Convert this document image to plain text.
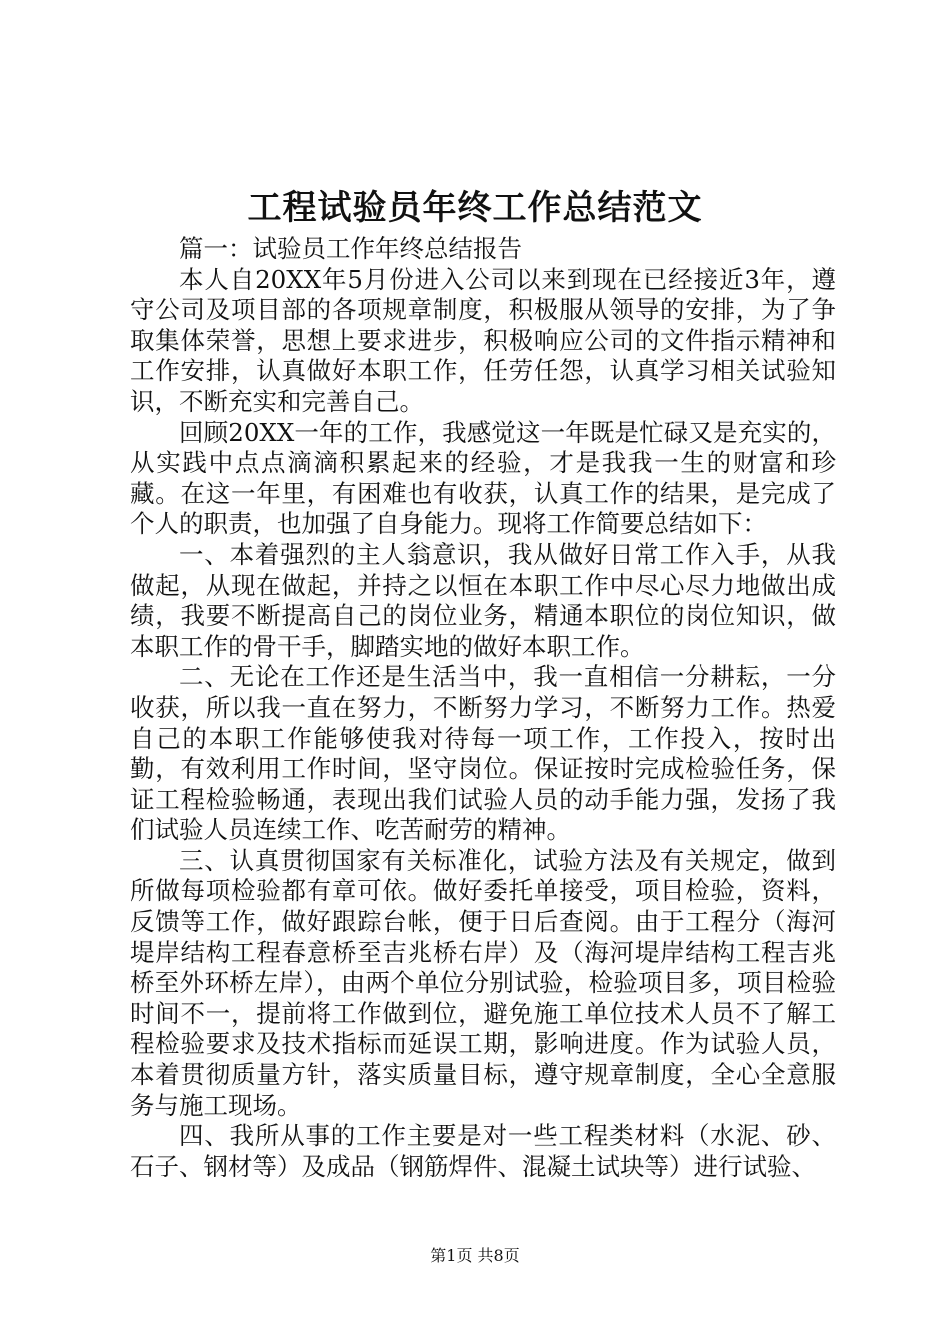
工程试验员年终工作总结范文

篇一：试验员工作年终总结报告

本人自20XX年5月份进入公司以来到现在已经接近3年，遵守公司及项目部的各项规章制度，积极服从领导的安排，为了争取集体荣誉，思想上要求进步，积极响应公司的文件指示精神和工作安排，认真做好本职工作，任劳任怨，认真学习相关试验知识，不断充实和完善自己。

回顾20XX一年的工作，我感觉这一年既是忙碌又是充实的，从实践中点点滴滴积累起来的经验，才是我我一生的财富和珍藏。在这一年里，有困难也有收获，认真工作的结果，是完成了个人的职责，也加强了自身能力。现将工作简要总结如下：

一、本着强烈的主人翁意识，我从做好日常工作入手，从我做起，从现在做起，并持之以恒在本职工作中尽心尽力地做出成绩，我要不断提高自己的岗位业务，精通本职位的岗位知识，做本职工作的骨干手，脚踏实地的做好本职工作。

二、无论在工作还是生活当中，我一直相信一分耕耘，一分收获，所以我一直在努力，不断努力学习，不断努力工作。热爱自己的本职工作能够使我对待每一项工作，工作投入，按时出勤，有效利用工作时间，坚守岗位。保证按时完成检验任务，保证工程检验畅通，表现出我们试验人员的动手能力强，发扬了我们试验人员连续工作、吃苦耐劳的精神。

三、认真贯彻国家有关标准化，试验方法及有关规定，做到所做每项检验都有章可依。做好委托单接受，项目检验，资料，反馈等工作，做好跟踪台帐，便于日后查阅。由于工程分（海河堤岸结构工程春意桥至吉兆桥右岸）及（海河堤岸结构工程吉兆桥至外环桥左岸），由两个单位分别试验，检验项目多，项目检验时间不一，提前将工作做到位，避免施工单位技术人员不了解工程检验要求及技术指标而延误工期，影响进度。作为试验人员，本着贯彻质量方针，落实质量目标，遵守规章制度，全心全意服务与施工现场。

四、我所从事的工作主要是对一些工程类材料（水泥、砂、石子、钢材等）及成品（钢筋焊件、混凝土试块等）进行试验、

第1页 共8页
